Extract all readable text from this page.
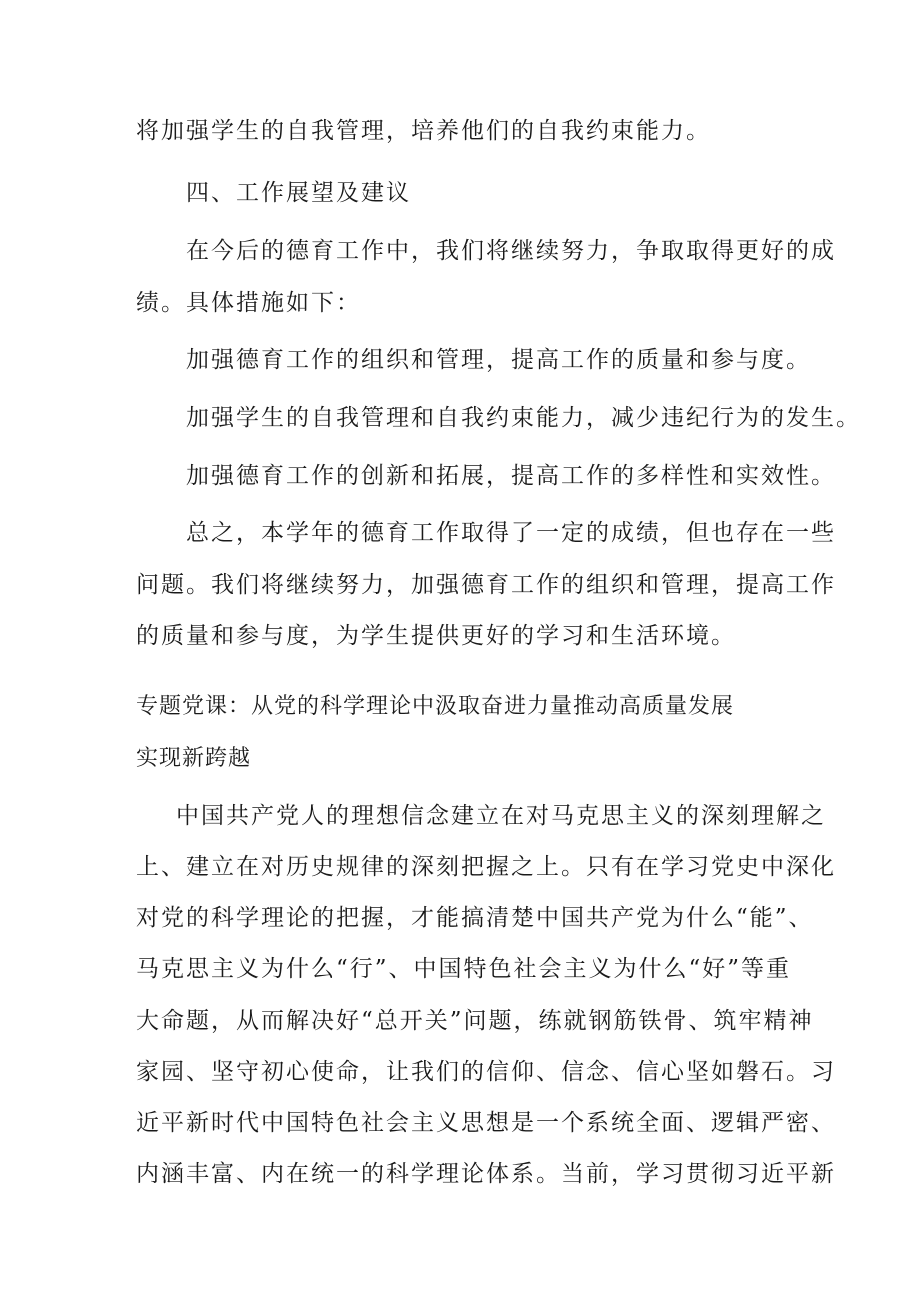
将加强学生的自我管理，培养他们的自我约束能力。
四、工作展望及建议
在今后的德育工作中，我们将继续努力，争取取得更好的成
绩。具体措施如下：
加强德育工作的组织和管理，提高工作的质量和参与度。
加强学生的自我管理和自我约束能力，减少违纪行为的发生。
加强德育工作的创新和拓展，提高工作的多样性和实效性。
总之，本学年的德育工作取得了一定的成绩，但也存在一些
问题。我们将继续努力，加强德育工作的组织和管理，提高工作
的质量和参与度，为学生提供更好的学习和生活环境。
专题党课：从党的科学理论中汲取奋进力量推动高质量发展
实现新跨越
中国共产党人的理想信念建立在对马克思主义的深刻理解之
上、建立在对历史规律的深刻把握之上。只有在学习党史中深化
对党的科学理论的把握，才能搞清楚中国共产党为什么“能”、
马克思主义为什么“行”、中国特色社会主义为什么“好”等重
大命题，从而解决好“总开关”问题，练就钢筋铁骨、筑牢精神
家园、坚守初心使命，让我们的信仰、信念、信心坚如磐石。习
近平新时代中国特色社会主义思想是一个系统全面、逻辑严密、
内涵丰富、内在统一的科学理论体系。当前，学习贯彻习近平新
